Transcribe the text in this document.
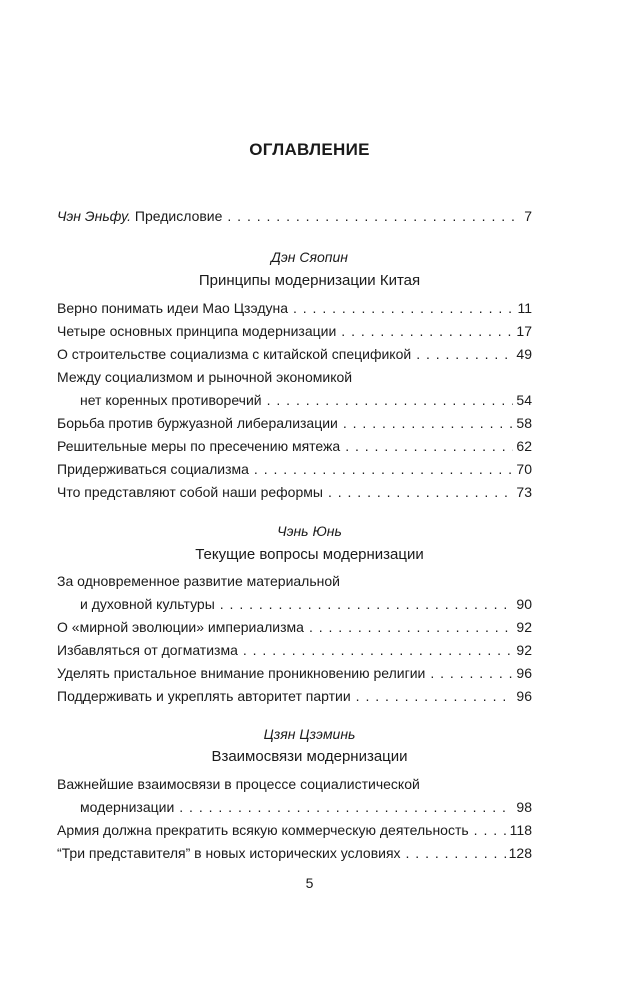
ОГЛАВЛЕНИЕ
Чэн Эньфу. Предисловие . . .	7
Дэн Сяопин
Принципы модернизации Китая
Верно понимать идеи Мао Цзэдуна . . .	11
Четыре основных принципа модернизации . . .	17
О строительстве социализма с китайской спецификой . . .	49
Между социализмом и рыночной экономикой
нет коренных противоречий . . .	54
Борьба против буржуазной либерализации . . .	58
Решительные меры по пресечению мятежа . . .	62
Придерживаться социализма . . .	70
Что представляют собой наши реформы . . .	73
Чэнь Юнь
Текущие вопросы модернизации
За одновременное развитие материальной
и духовной культуры . . .	90
О «мирной эволюции» империализма . . .	92
Избавляться от догматизма . . .	92
Уделять пристальное внимание проникновению религии . . .	96
Поддерживать и укреплять авторитет партии . . .	96
Цзян Цзэминь
Взаимосвязи модернизации
Важнейшие взаимосвязи в процессе социалистической
модернизации . . .	98
Армия должна прекратить всякую коммерческую деятельность . . .	118
“Три представителя” в новых исторических условиях . . .	128
5
